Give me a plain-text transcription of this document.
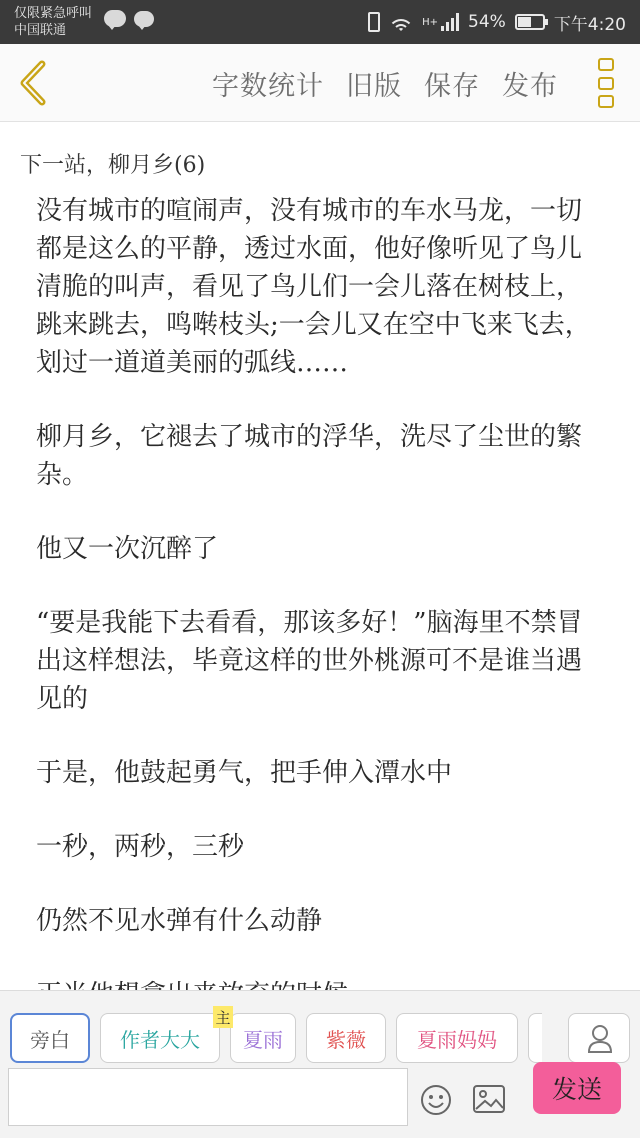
仅限紧急呼叫
中国联通
H+ 54%	下午4:20
字数统计 旧版 保存 发布
下一站，柳月乡(6)

没有城市的喧闹声，没有城市的车水马龙，一切都是这么的平静，透过水面，他好像听见了鸟儿清脆的叫声，看见了鸟儿们一会儿落在树枝上，跳来跳去，鸣啭枝头;一会儿又在空中飞来飞去，划过一道道美丽的弧线……

柳月乡，它褪去了城市的浮华，洗尽了尘世的繁杂。

他又一次沉醉了

“要是我能下去看看，那该多好！”脑海里不禁冒出这样想法，毕竟这样的世外桃源可不是谁当遇见的

于是，他鼓起勇气，把手伸入潭水中

一秒，两秒，三秒

仍然不见水弹有什么动静

旁白	作者大大
主
夏雨 紫薇	夏雨妈妈
发送
